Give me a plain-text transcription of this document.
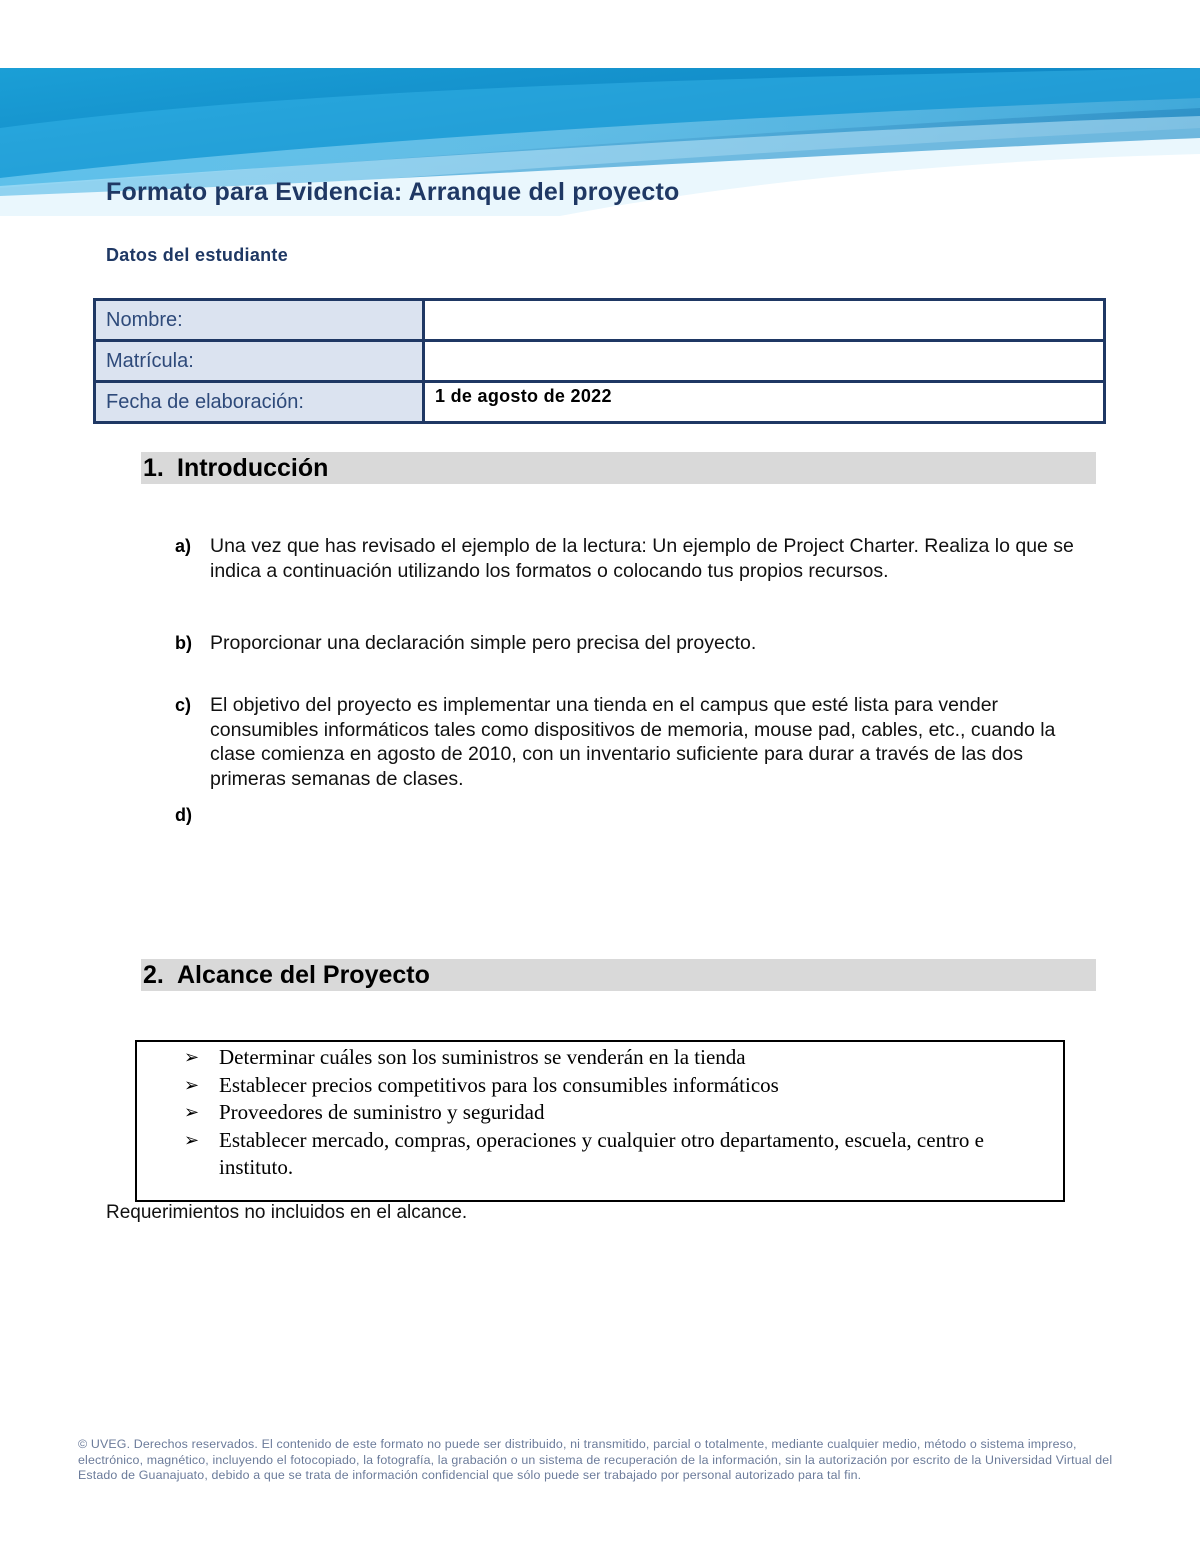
Formato para Evidencia: Arranque del proyecto
Datos del estudiante
Nombre:	
Matrícula:	
Fecha de elaboración:	1 de agosto de 2022
1. Introducción
a) Una vez que has revisado el ejemplo de la lectura: Un ejemplo de Project Charter. Realiza lo que se indica a continuación utilizando los formatos o colocando tus propios recursos.
b) Proporcionar una declaración simple pero precisa del proyecto.
c) El objetivo del proyecto es implementar una tienda en el campus que esté lista para vender consumibles informáticos tales como dispositivos de memoria, mouse pad, cables, etc., cuando la clase comienza en agosto de 2010, con un inventario suficiente para durar a través de las dos primeras semanas de clases.
d)
2. Alcance del Proyecto
➢ Determinar cuáles son los suministros se venderán en la tienda
➢ Establecer precios competitivos para los consumibles informáticos
➢ Proveedores de suministro y seguridad
➢ Establecer mercado, compras, operaciones y cualquier otro departamento, escuela, centro e instituto.
Requerimientos no incluidos en el alcance.
© UVEG. Derechos reservados. El contenido de este formato no puede ser distribuido, ni transmitido, parcial o totalmente, mediante cualquier medio, método o sistema impreso, electrónico, magnético, incluyendo el fotocopiado, la fotografía, la grabación o un sistema de recuperación de la información, sin la autorización por escrito de la Universidad Virtual del Estado de Guanajuato, debido a que se trata de información confidencial que sólo puede ser trabajado por personal autorizado para tal fin.
